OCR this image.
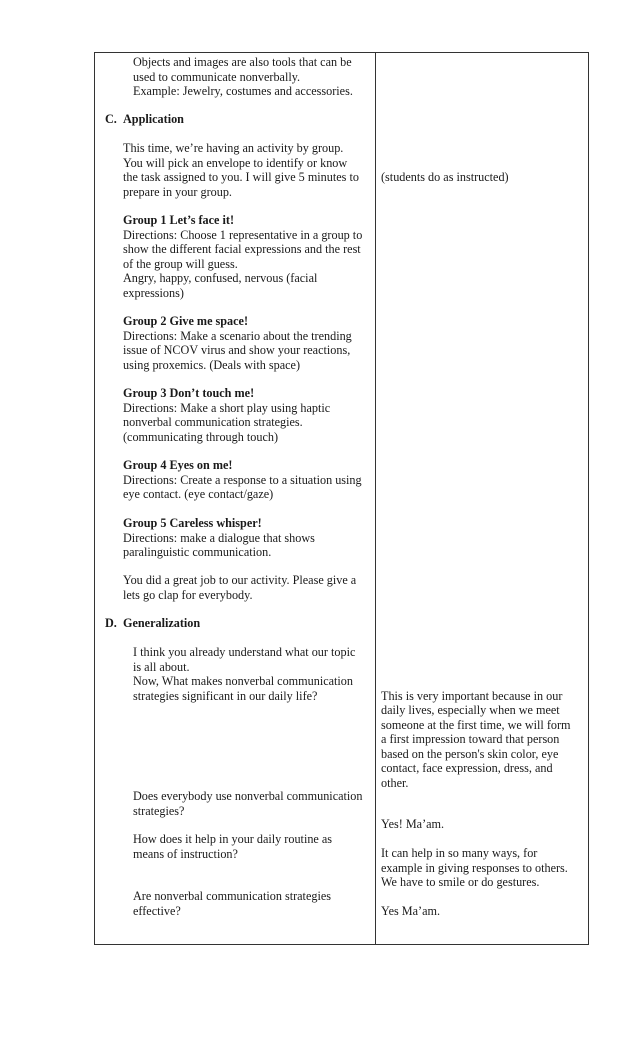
Objects and images are also tools that can be
used to communicate nonverbally.
Example: Jewelry, costumes and accessories.
C. Application
This time, we’re having an activity by group.
You will pick an envelope to identify or know
the task assigned to you. I will give 5 minutes to
prepare in your group.
Group 1 Let’s face it!
Directions: Choose 1 representative in a group to
show the different facial expressions and the rest
of the group will guess.
Angry, happy, confused, nervous (facial
expressions)
Group 2 Give me space!
Directions: Make a scenario about the trending
issue of NCOV virus and show your reactions,
using proxemics. (Deals with space)
Group 3 Don’t touch me!
Directions: Make a short play using haptic
nonverbal communication strategies.
(communicating through touch)
Group 4 Eyes on me!
Directions: Create a response to a situation using
eye contact. (eye contact/gaze)
Group 5 Careless whisper!
Directions: make a dialogue that shows
paralinguistic communication.
You did a great job to our activity. Please give a
lets go clap for everybody.
D. Generalization
I think you already understand what our topic
is all about.
Now, What makes nonverbal communication
strategies significant in our daily life?
Does everybody use nonverbal communication
strategies?
How does it help in your daily routine as
means of instruction?
Are nonverbal communication strategies
effective?
(students do as instructed)
This is very important because in our
daily lives, especially when we meet
someone at the first time, we will form
a first impression toward that person
based on the person's skin color, eye
contact, face expression, dress, and
other.
Yes! Ma’am.
It can help in so many ways, for
example in giving responses to others.
We have to smile or do gestures.
Yes Ma’am.
